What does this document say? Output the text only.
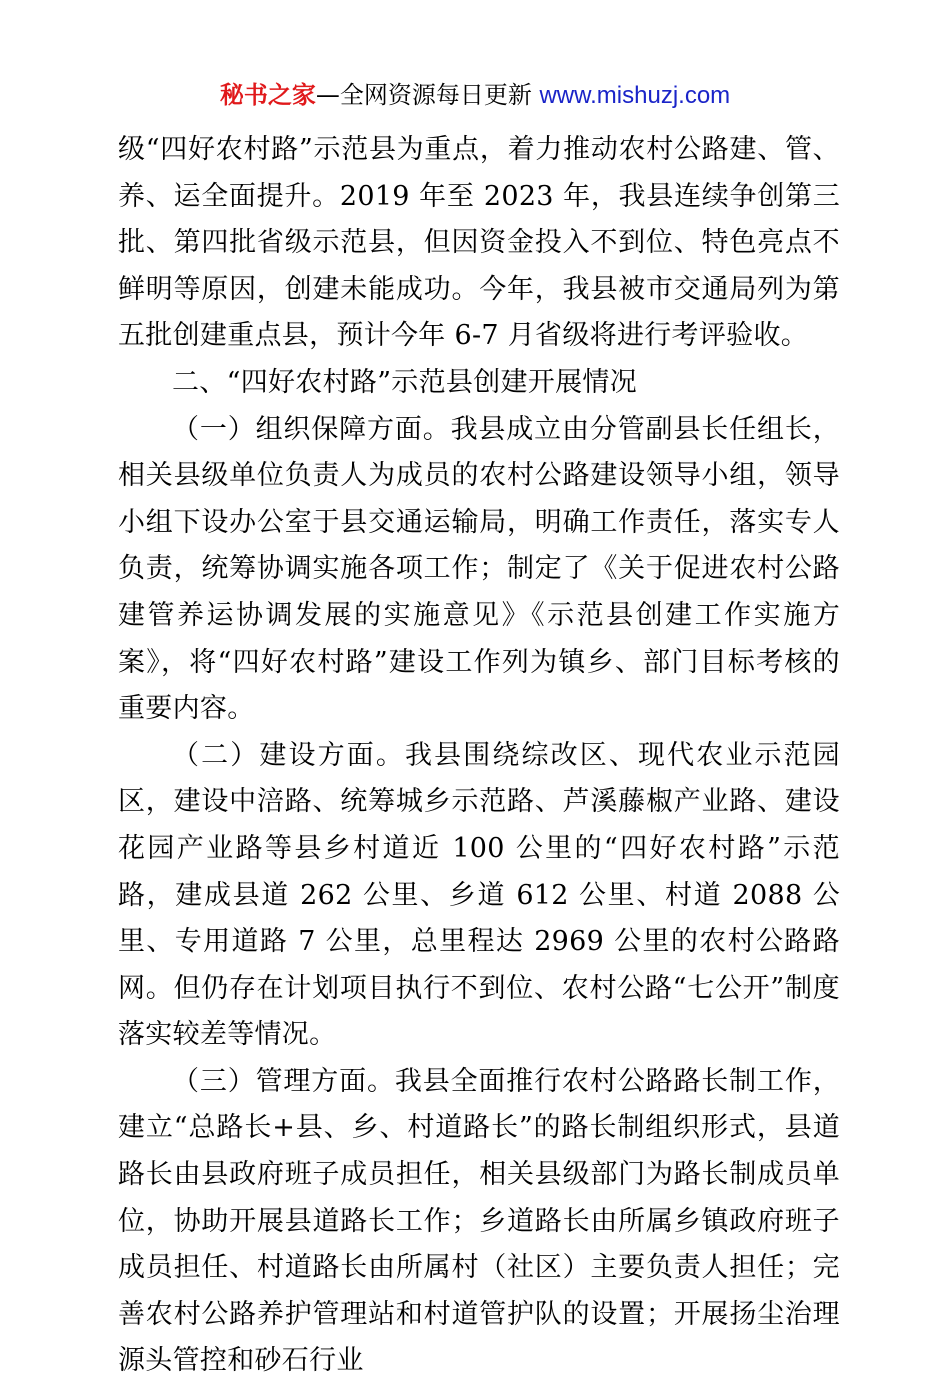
秘书之家—全网资源每日更新 www.mishuzj.com

级“四好农村路”示范县为重点，着力推动农村公路建、管、养、运全面提升。2019 年至 2023 年，我县连续争创第三批、第四批省级示范县，但因资金投入不到位、特色亮点不鲜明等原因，创建未能成功。今年，我县被市交通局列为第五批创建重点县，预计今年 6-7 月省级将进行考评验收。

二、“四好农村路”示范县创建开展情况

（一）组织保障方面。我县成立由分管副县长任组长，相关县级单位负责人为成员的农村公路建设领导小组，领导小组下设办公室于县交通运输局，明确工作责任，落实专人负责，统筹协调实施各项工作；制定了《关于促进农村公路建管养运协调发展的实施意见》《示范县创建工作实施方案》，将“四好农村路”建设工作列为镇乡、部门目标考核的重要内容。

（二）建设方面。我县围绕综改区、现代农业示范园区，建设中涪路、统筹城乡示范路、芦溪藤椒产业路、建设花园产业路等县乡村道近 100 公里的“四好农村路”示范路，建成县道 262 公里、乡道 612 公里、村道 2088 公里、专用道路 7 公里，总里程达 2969 公里的农村公路路网。但仍存在计划项目执行不到位、农村公路“七公开”制度落实较差等情况。

（三）管理方面。我县全面推行农村公路路长制工作，建立“总路长+县、乡、村道路长”的路长制组织形式，县道路长由县政府班子成员担任，相关县级部门为路长制成员单位，协助开展县道路长工作；乡道路长由所属乡镇政府班子成员担任、村道路长由所属村（社区）主要负责人担任；完善农村公路养护管理站和村道管护队的设置；开展扬尘治理源头管控和砂石行业
